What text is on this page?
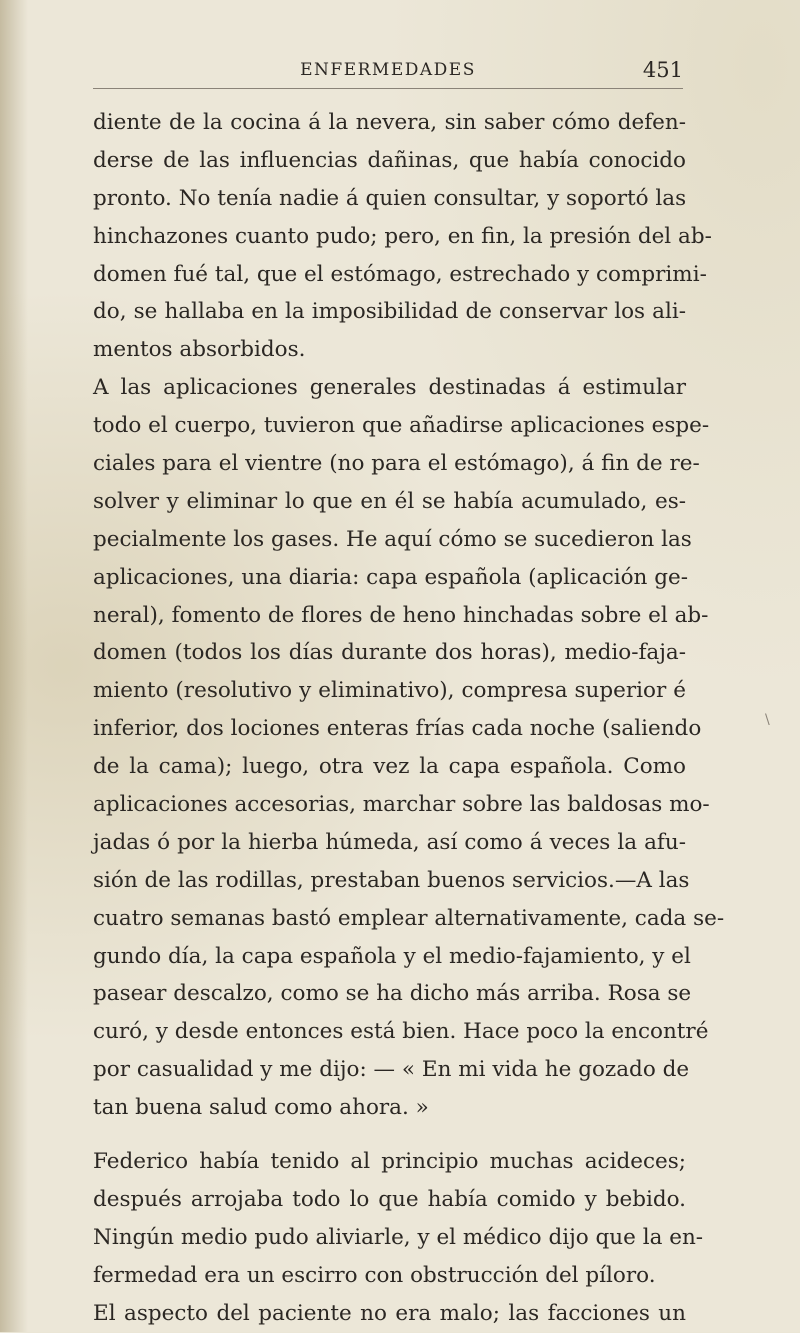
ENFERMEDADES	451
diente de la cocina á la nevera, sin saber cómo defen-
derse de las influencias dañinas, que había conocido
pronto. No tenía nadie á quien consultar, y soportó las
hinchazones cuanto pudo; pero, en fin, la presión del ab-
domen fué tal, que el estómago, estrechado y comprimi-
do, se hallaba en la imposibilidad de conservar los ali-
mentos absorbidos.
A las aplicaciones generales destinadas á estimular
todo el cuerpo, tuvieron que añadirse aplicaciones espe-
ciales para el vientre (no para el estómago), á fin de re-
solver y eliminar lo que en él se había acumulado, es-
pecialmente los gases. He aquí cómo se sucedieron las
aplicaciones, una diaria: capa española (aplicación ge-
neral), fomento de flores de heno hinchadas sobre el ab-
domen (todos los días durante dos horas), medio-faja-
miento (resolutivo y eliminativo), compresa superior é
inferior, dos lociones enteras frías cada noche (saliendo
de la cama); luego, otra vez la capa española. Como
aplicaciones accesorias, marchar sobre las baldosas mo-
jadas ó por la hierba húmeda, así como á veces la afu-
sión de las rodillas, prestaban buenos servicios.—A las
cuatro semanas bastó emplear alternativamente, cada se-
gundo día, la capa española y el medio-fajamiento, y el
pasear descalzo, como se ha dicho más arriba. Rosa se
curó, y desde entonces está bien. Hace poco la encontré
por casualidad y me dijo: — « En mi vida he gozado de
tan buena salud como ahora. »
Federico había tenido al principio muchas acideces;
después arrojaba todo lo que había comido y bebido.
Ningún medio pudo aliviarle, y el médico dijo que la en-
fermedad era un escirro con obstrucción del píloro.
El aspecto del paciente no era malo; las facciones un
\
